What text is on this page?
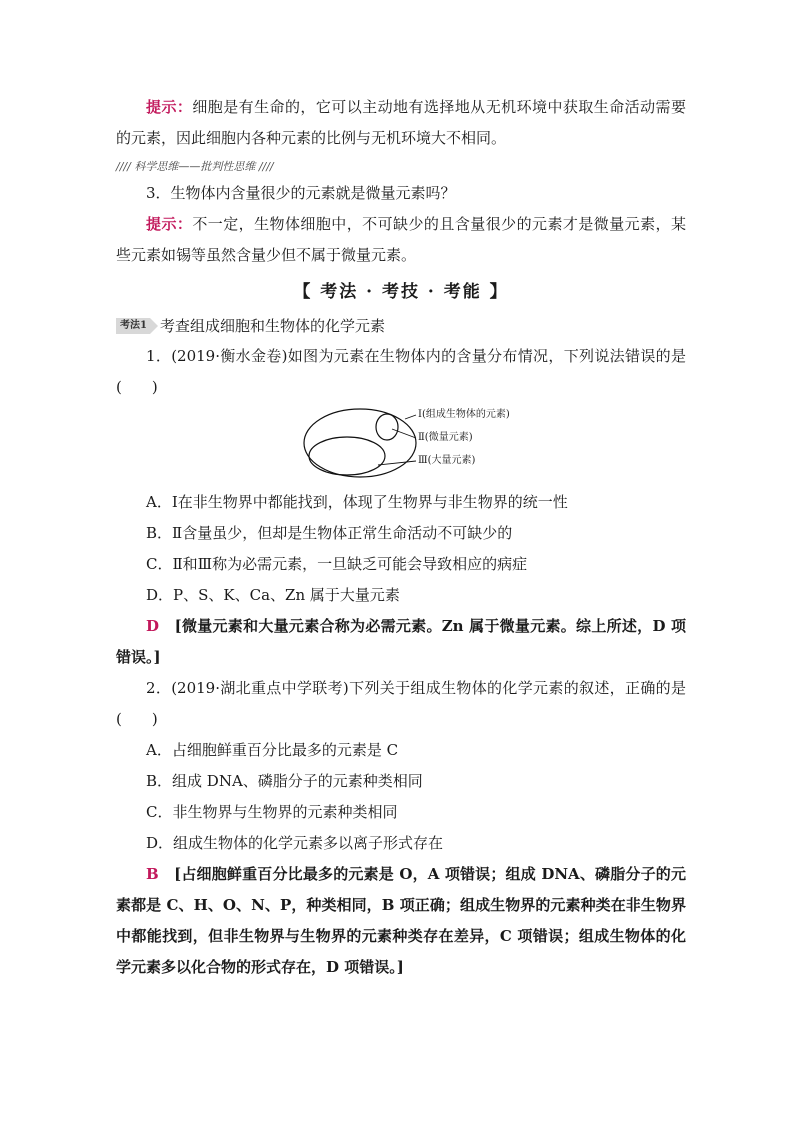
提示：细胞是有生命的，它可以主动地有选择地从无机环境中获取生命活动需要的元素，因此细胞内各种元素的比例与无机环境大不相同。

//// 科学思维——批判性思维 ////

3．生物体内含量很少的元素就是微量元素吗？

提示：不一定，生物体细胞中，不可缺少的且含量很少的元素才是微量元素，某些元素如锡等虽然含量少但不属于微量元素。

【 考法 · 考技 · 考能 】
考法1 考查组成细胞和生物体的化学元素

1．(2019·衡水金卷)如图为元素在生物体内的含量分布情况，下列说法错误的是(　　)

Ⅰ(组成生物体的元素)
Ⅱ(微量元素)
Ⅲ(大量元素)

A．Ⅰ在非生物界中都能找到，体现了生物界与非生物界的统一性

B．Ⅱ含量虽少，但却是生物体正常生命活动不可缺少的

C．Ⅱ和Ⅲ称为必需元素，一旦缺乏可能会导致相应的病症

D．P、S、K、Ca、Zn 属于大量元素

D　 [微量元素和大量元素合称为必需元素。Zn 属于微量元素。综上所述，D 项错误。]

2．(2019·湖北重点中学联考)下列关于组成生物体的化学元素的叙述，正确的是(　　)

A．占细胞鲜重百分比最多的元素是 C

B．组成 DNA、磷脂分子的元素种类相同

C．非生物界与生物界的元素种类相同

D．组成生物体的化学元素多以离子形式存在

B　 [占细胞鲜重百分比最多的元素是 O，A 项错误；组成 DNA、磷脂分子的元素都是 C、H、O、N、P，种类相同，B 项正确；组成生物界的元素种类在非生物界中都能找到，但非生物界与生物界的元素种类存在差异，C 项错误；组成生物体的化学元素多以化合物的形式存在，D 项错误。]
